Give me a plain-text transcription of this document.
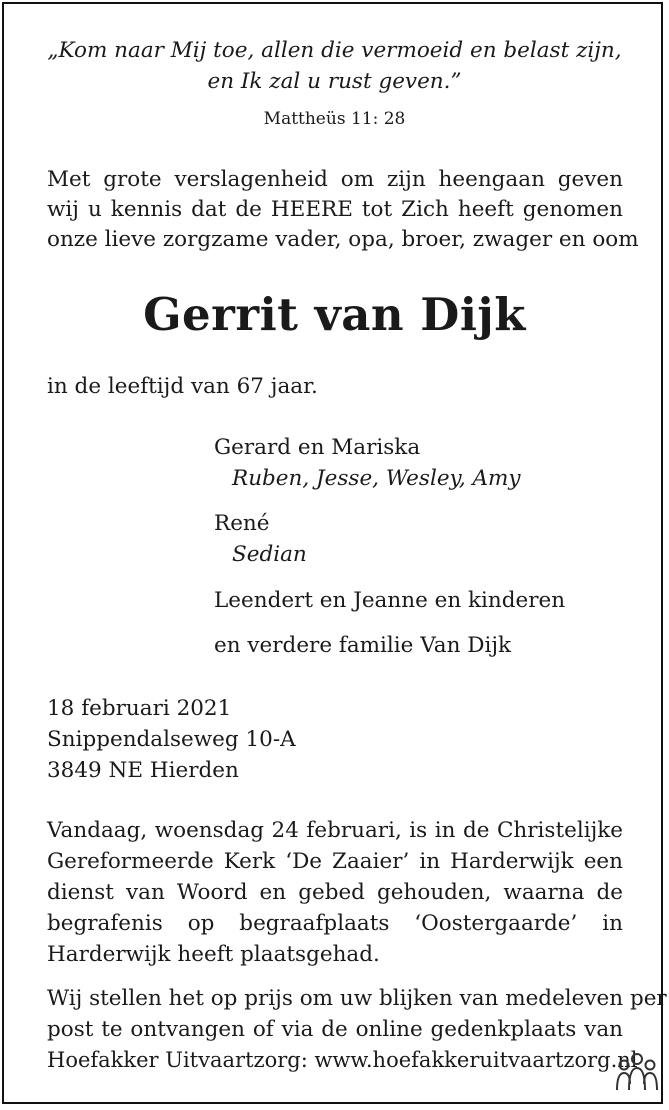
„Kom naar Mij toe, allen die vermoeid en belast zijn,
en Ik zal u rust geven.”
Mattheüs 11: 28
Met grote verslagenheid om zijn heengaan geven
wij u kennis dat de HEERE tot Zich heeft genomen
onze lieve zorgzame vader, opa, broer, zwager en oom
Gerrit van Dijk
in de leeftijd van 67 jaar.
Gerard en Mariska
Ruben, Jesse, Wesley, Amy
René
Sedian
Leendert en Jeanne en kinderen
en verdere familie Van Dijk
18 februari 2021
Snippendalseweg 10-A
3849 NE Hierden
Vandaag, woensdag 24 februari, is in de Christelijke
Gereformeerde Kerk ‘De Zaaier’ in Harderwijk een
dienst van Woord en gebed gehouden, waarna de
begrafenis op begraafplaats ‘Oostergaarde’ in
Harderwijk heeft plaatsgehad.
Wij stellen het op prijs om uw blijken van medeleven per
post te ontvangen of via de online gedenkplaats van
Hoefakker Uitvaartzorg: www.hoefakkeruitvaartzorg.nl
